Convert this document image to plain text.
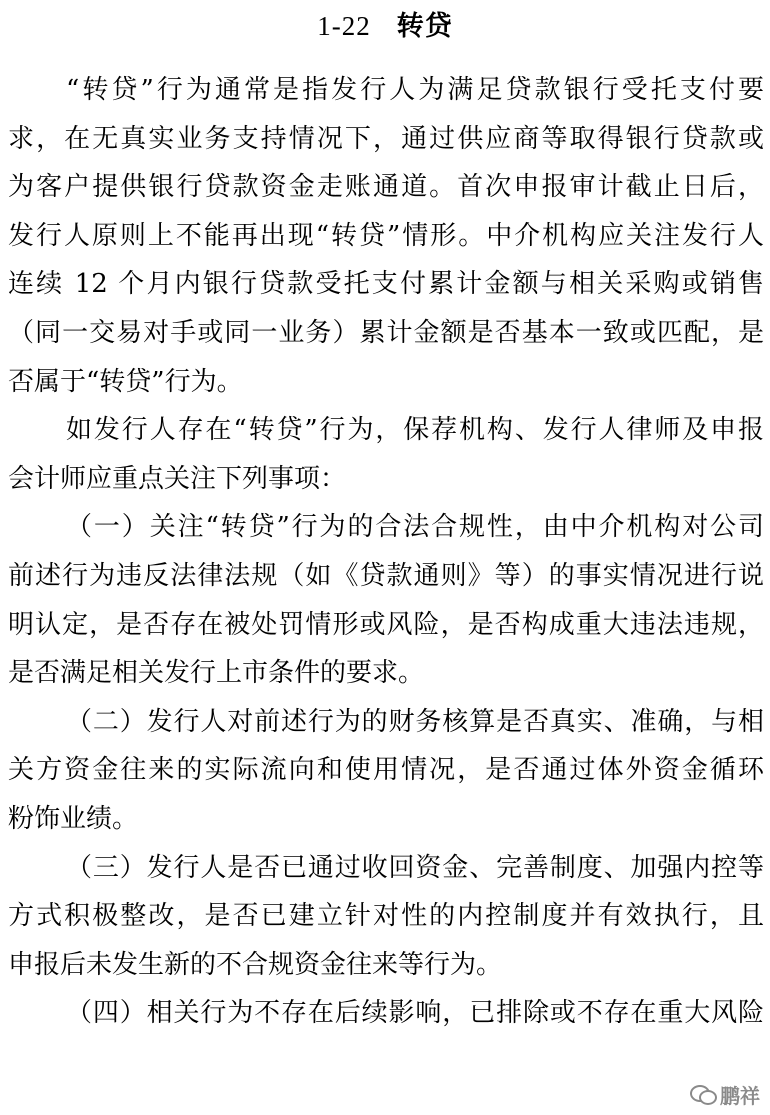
1-22 转贷
“转贷”行为通常是指发行人为满足贷款银行受托支付要
求，在无真实业务支持情况下，通过供应商等取得银行贷款或
为客户提供银行贷款资金走账通道。首次申报审计截止日后，
发行人原则上不能再出现“转贷”情形。中介机构应关注发行人
连续 12 个月内银行贷款受托支付累计金额与相关采购或销售
（同一交易对手或同一业务）累计金额是否基本一致或匹配，是
否属于“转贷”行为。
如发行人存在“转贷”行为，保荐机构、发行人律师及申报
会计师应重点关注下列事项：
（一）关注“转贷”行为的合法合规性，由中介机构对公司
前述行为违反法律法规（如《贷款通则》等）的事实情况进行说
明认定，是否存在被处罚情形或风险，是否构成重大违法违规，
是否满足相关发行上市条件的要求。
（二）发行人对前述行为的财务核算是否真实、准确，与相
关方资金往来的实际流向和使用情况，是否通过体外资金循环
粉饰业绩。
（三）发行人是否已通过收回资金、完善制度、加强内控等
方式积极整改，是否已建立针对性的内控制度并有效执行，且
申报后未发生新的不合规资金往来等行为。
（四）相关行为不存在后续影响，已排除或不存在重大风险
鹏祥
